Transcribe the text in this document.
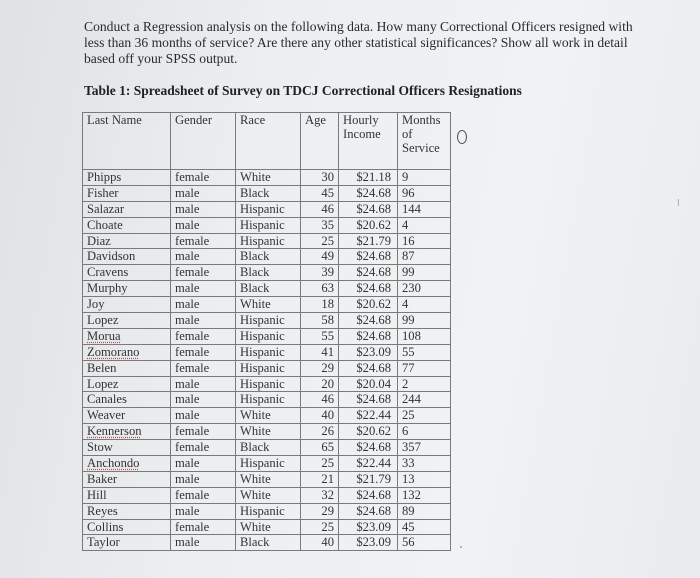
Conduct a Regression analysis on the following data. How many Correctional Officers resigned with less than 36 months of service? Are there any other statistical significances? Show all work in detail based off your SPSS output.
Table 1: Spreadsheet of Survey on TDCJ Correctional Officers Resignations
Last Name	Gender	Race	Age	Hourly Income	Months of Service
Phipps	female	White	30	$21.18	9
Fisher	male	Black	45	$24.68	96
Salazar	male	Hispanic	46	$24.68	144
Choate	male	Hispanic	35	$20.62	4
Diaz	female	Hispanic	25	$21.79	16
Davidson	male	Black	49	$24.68	87
Cravens	female	Black	39	$24.68	99
Murphy	male	Black	63	$24.68	230
Joy	male	White	18	$20.62	4
Lopez	male	Hispanic	58	$24.68	99
Morua	female	Hispanic	55	$24.68	108
Zomorano	female	Hispanic	41	$23.09	55
Belen	female	Hispanic	29	$24.68	77
Lopez	male	Hispanic	20	$20.04	2
Canales	male	Hispanic	46	$24.68	244
Weaver	male	White	40	$22.44	25
Kennerson	female	White	26	$20.62	6
Stow	female	Black	65	$24.68	357
Anchondo	male	Hispanic	25	$22.44	33
Baker	male	White	21	$21.79	13
Hill	female	White	32	$24.68	132
Reyes	male	Hispanic	29	$24.68	89
Collins	female	White	25	$23.09	45
Taylor	male	Black	40	$23.09	56
I
